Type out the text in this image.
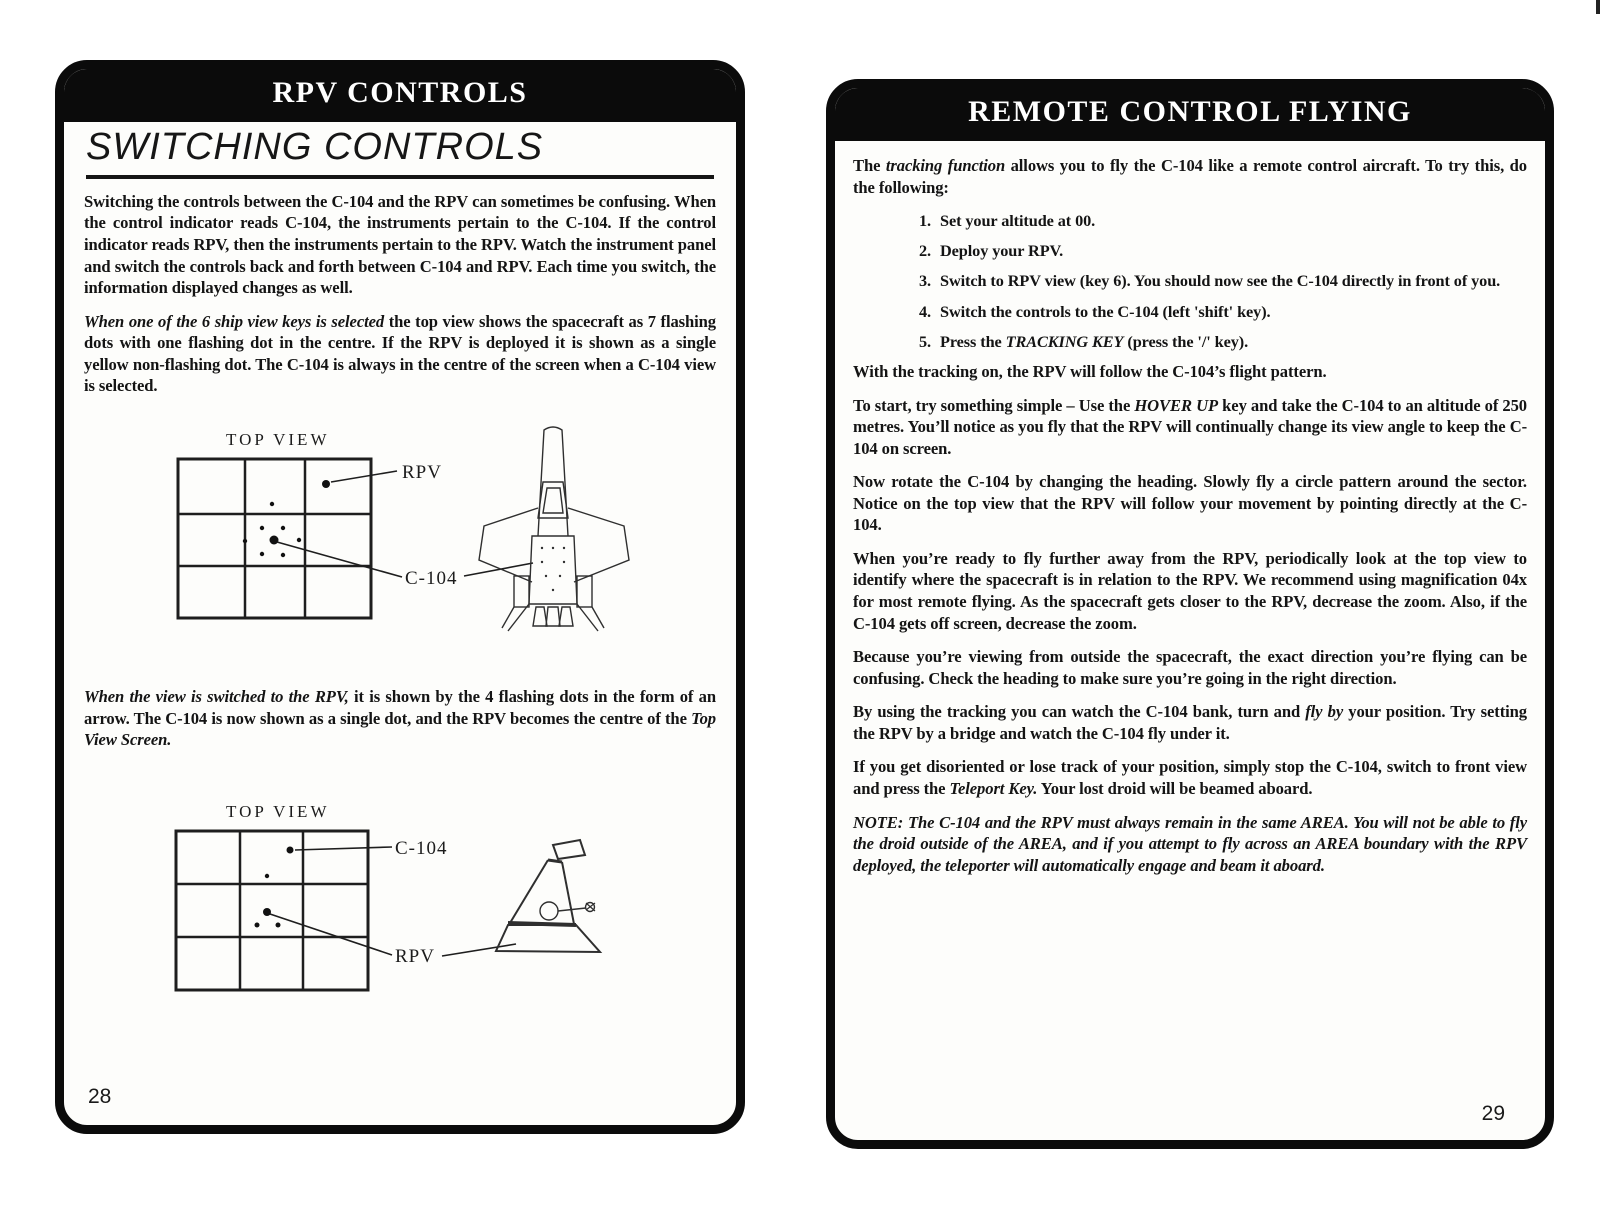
RPV CONTROLS
SWITCHING CONTROLS

Switching the controls between the C-104 and the RPV can sometimes be confusing. When the control indicator reads C-104, the instruments pertain to the C-104. If the control indicator reads RPV, then the instruments pertain to the RPV. Watch the instrument panel and switch the controls back and forth between C-104 and RPV. Each time you switch, the information displayed changes as well.

When one of the 6 ship view keys is selected the top view shows the spacecraft as 7 flashing dots with one flashing dot in the centre. If the RPV is deployed it is shown as a single yellow non-flashing dot. The C-104 is always in the centre of the screen when a C-104 view is selected.

TOP VIEW
RPV
C-104

When the view is switched to the RPV, it is shown by the 4 flashing dots in the form of an arrow. The C-104 is now shown as a single dot, and the RPV becomes the centre of the Top View Screen.

TOP VIEW
C-104
RPV
28
REMOTE CONTROL FLYING

The tracking function allows you to fly the C-104 like a remote control aircraft. To try this, do the following:

1. Set your altitude at 00.
2. Deploy your RPV.
3. Switch to RPV view (key 6). You should now see the C-104 directly in front of you.
4. Switch the controls to the C-104 (left 'shift' key).
5. Press the TRACKING KEY (press the '/' key).

With the tracking on, the RPV will follow the C-104’s flight pattern.

To start, try something simple – Use the HOVER UP key and take the C-104 to an altitude of 250 metres. You’ll notice as you fly that the RPV will continually change its view angle to keep the C-104 on screen.

Now rotate the C-104 by changing the heading. Slowly fly a circle pattern around the sector. Notice on the top view that the RPV will follow your movement by pointing directly at the C-104.

When you’re ready to fly further away from the RPV, periodically look at the top view to identify where the spacecraft is in relation to the RPV. We recommend using magnification 04x for most remote flying. As the spacecraft gets closer to the RPV, decrease the zoom. Also, if the C-104 gets off screen, decrease the zoom.

Because you’re viewing from outside the spacecraft, the exact direction you’re flying can be confusing. Check the heading to make sure you’re going in the right direction.

By using the tracking you can watch the C-104 bank, turn and fly by your position. Try setting the RPV by a bridge and watch the C-104 fly under it.

If you get disoriented or lose track of your position, simply stop the C-104, switch to front view and press the Teleport Key. Your lost droid will be beamed aboard.

NOTE: The C-104 and the RPV must always remain in the same AREA. You will not be able to fly the droid outside of the AREA, and if you attempt to fly across an AREA boundary with the RPV deployed, the teleporter will automatically engage and beam it aboard.

29
